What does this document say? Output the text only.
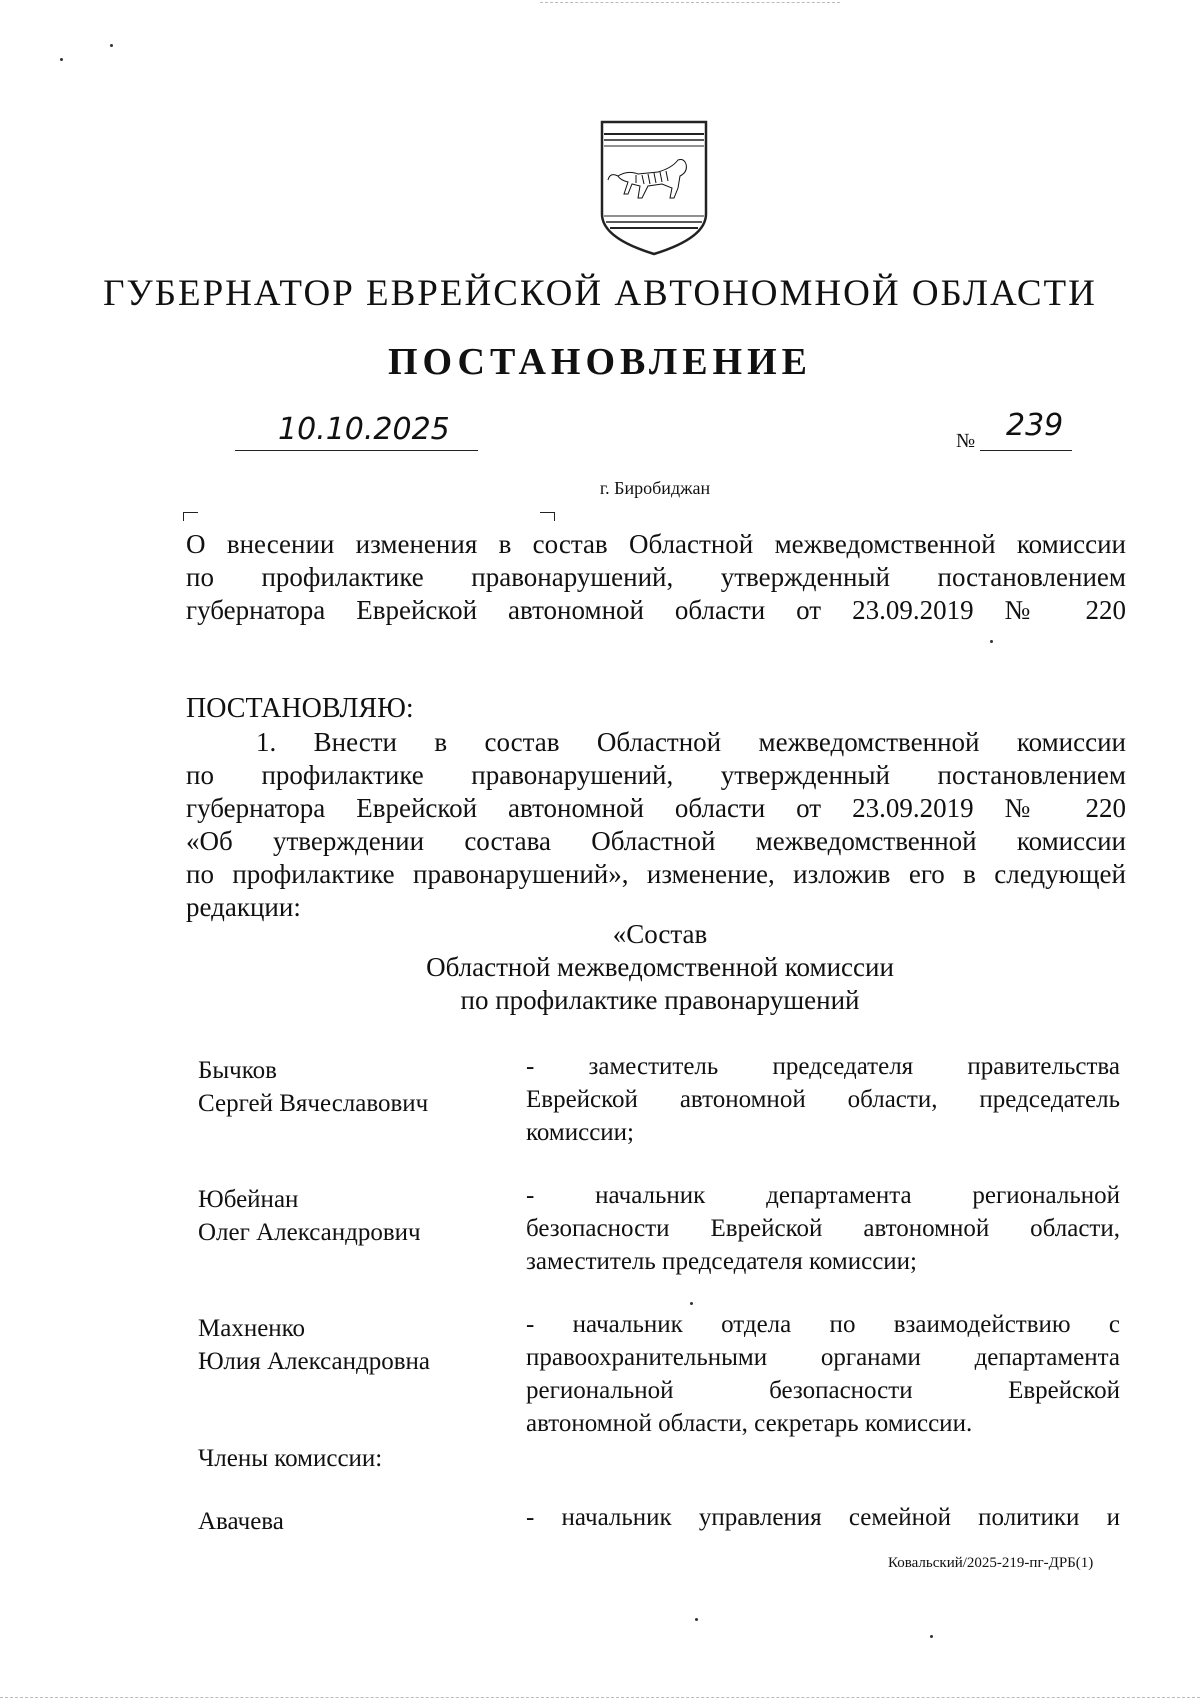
ГУБЕРНАТОР ЕВРЕЙСКОЙ АВТОНОМНОЙ ОБЛАСТИ
ПОСТАНОВЛЕНИЕ
10.10.2025	№ 239
г. Биробиджан
О внесении изменения в состав Областной межведомственной комиссии
по профилактике правонарушений, утвержденный постановлением
губернатора Еврейской автономной области от 23.09.2019 № 220
ПОСТАНОВЛЯЮ:
1. Внести в состав Областной межведомственной комиссии
по профилактике правонарушений, утвержденный постановлением
губернатора Еврейской автономной области от 23.09.2019 № 220
«Об утверждении состава Областной межведомственной комиссии
по профилактике правонарушений», изменение, изложив его в следующей
редакции:
«Состав
Областной межведомственной комиссии
по профилактике правонарушений
Бычков
Сергей Вячеславович
- заместитель председателя правительства
Еврейской автономной области, председатель
комиссии;
Юбейнан
Олег Александрович
- начальник департамента региональной
безопасности Еврейской автономной области,
заместитель председателя комиссии;
Махненко
Юлия Александровна
- начальник отдела по взаимодействию с
правоохранительными органами департамента
региональной безопасности Еврейской
автономной области, секретарь комиссии.
Члены комиссии:
Авачева	- начальник управления семейной политики и
Ковальский/2025-219-пг-ДРБ(1)
